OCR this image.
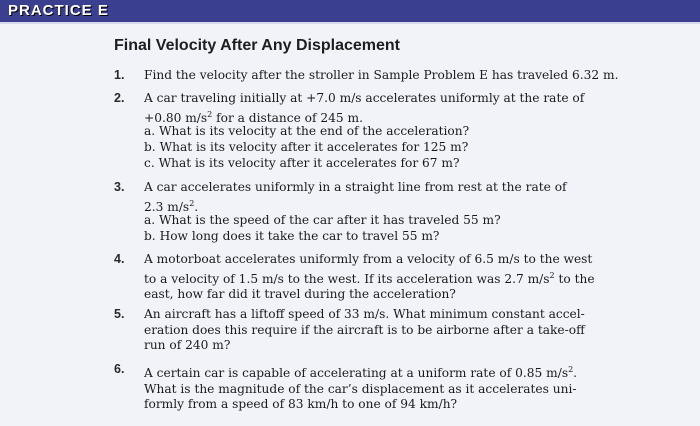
PRACTICE E
Final Velocity After Any Displacement
1. Find the velocity after the stroller in Sample Problem E has traveled 6.32 m.
2. A car traveling initially at +7.0 m/s accelerates uniformly at the rate of
+0.80 $m/s^2$ for a distance of 245 m.
a. What is its velocity at the end of the acceleration?
b. What is its velocity after it accelerates for 125 m?
c. What is its velocity after it accelerates for 67 m?
3. A car accelerates uniformly in a straight line from rest at the rate of
2.3 $m/s^2$.
a. What is the speed of the car after it has traveled 55 m?
b. How long does it take the car to travel 55 m?
4. A motorboat accelerates uniformly from a velocity of 6.5 m/s to the west
to a velocity of 1.5 m/s to the west. If its acceleration was 2.7 $m/s^2$ to the
east, how far did it travel during the acceleration?
5. An aircraft has a liftoff speed of 33 m/s. What minimum constant accel-
eration does this require if the aircraft is to be airborne after a take-off
run of 240 m?
6. A certain car is capable of accelerating at a uniform rate of 0.85 $m/s^2$.
What is the magnitude of the car’s displacement as it accelerates uni-
formly from a speed of 83 km/h to one of 94 km/h?
